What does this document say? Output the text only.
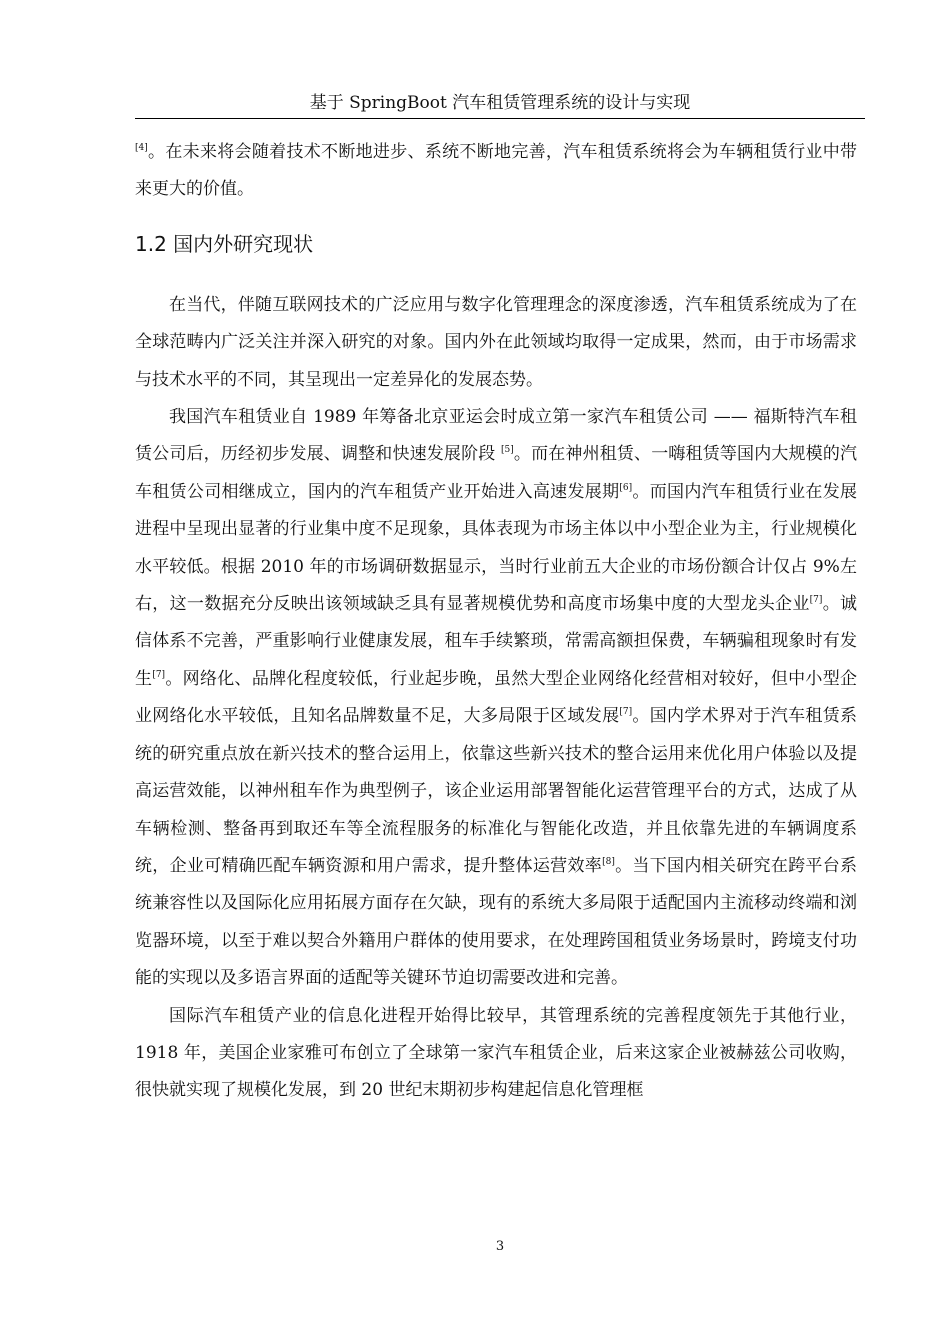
基于 SpringBoot 汽车租赁管理系统的设计与实现

[4]。在未来将会随着技术不断地进步、系统不断地完善，汽车租赁系统将会为车辆租赁行业中带来更大的价值。

1.2 国内外研究现状

在当代，伴随互联网技术的广泛应用与数字化管理理念的深度渗透，汽车租赁系统成为了在全球范畴内广泛关注并深入研究的对象。国内外在此领域均取得一定成果，然而，由于市场需求与技术水平的不同，其呈现出一定差异化的发展态势。

我国汽车租赁业自 1989 年筹备北京亚运会时成立第一家汽车租赁公司 —— 福斯特汽车租赁公司后，历经初步发展、调整和快速发展阶段 [5]。而在神州租赁、一嗨租赁等国内大规模的汽车租赁公司相继成立，国内的汽车租赁产业开始进入高速发展期[6]。而国内汽车租赁行业在发展进程中呈现出显著的行业集中度不足现象，具体表现为市场主体以中小型企业为主，行业规模化水平较低。根据 2010 年的市场调研数据显示，当时行业前五大企业的市场份额合计仅占 9%左右，这一数据充分反映出该领域缺乏具有显著规模优势和高度市场集中度的大型龙头企业[7]。诚信体系不完善，严重影响行业健康发展，租车手续繁琐，常需高额担保费，车辆骗租现象时有发生[7]。网络化、品牌化程度较低，行业起步晚，虽然大型企业网络化经营相对较好，但中小型企业网络化水平较低，且知名品牌数量不足，大多局限于区域发展[7]。国内学术界对于汽车租赁系统的研究重点放在新兴技术的整合运用上，依靠这些新兴技术的整合运用来优化用户体验以及提高运营效能，以神州租车作为典型例子，该企业运用部署智能化运营管理平台的方式，达成了从车辆检测、整备再到取还车等全流程服务的标准化与智能化改造，并且依靠先进的车辆调度系统，企业可精确匹配车辆资源和用户需求，提升整体运营效率[8]。当下国内相关研究在跨平台系统兼容性以及国际化应用拓展方面存在欠缺，现有的系统大多局限于适配国内主流移动终端和浏览器环境，以至于难以契合外籍用户群体的使用要求，在处理跨国租赁业务场景时，跨境支付功能的实现以及多语言界面的适配等关键环节迫切需要改进和完善。

国际汽车租赁产业的信息化进程开始得比较早，其管理系统的完善程度领先于其他行业，1918 年，美国企业家雅可布创立了全球第一家汽车租赁企业，后来这家企业被赫兹公司收购，很快就实现了规模化发展，到 20 世纪末期初步构建起信息化管理框

3
